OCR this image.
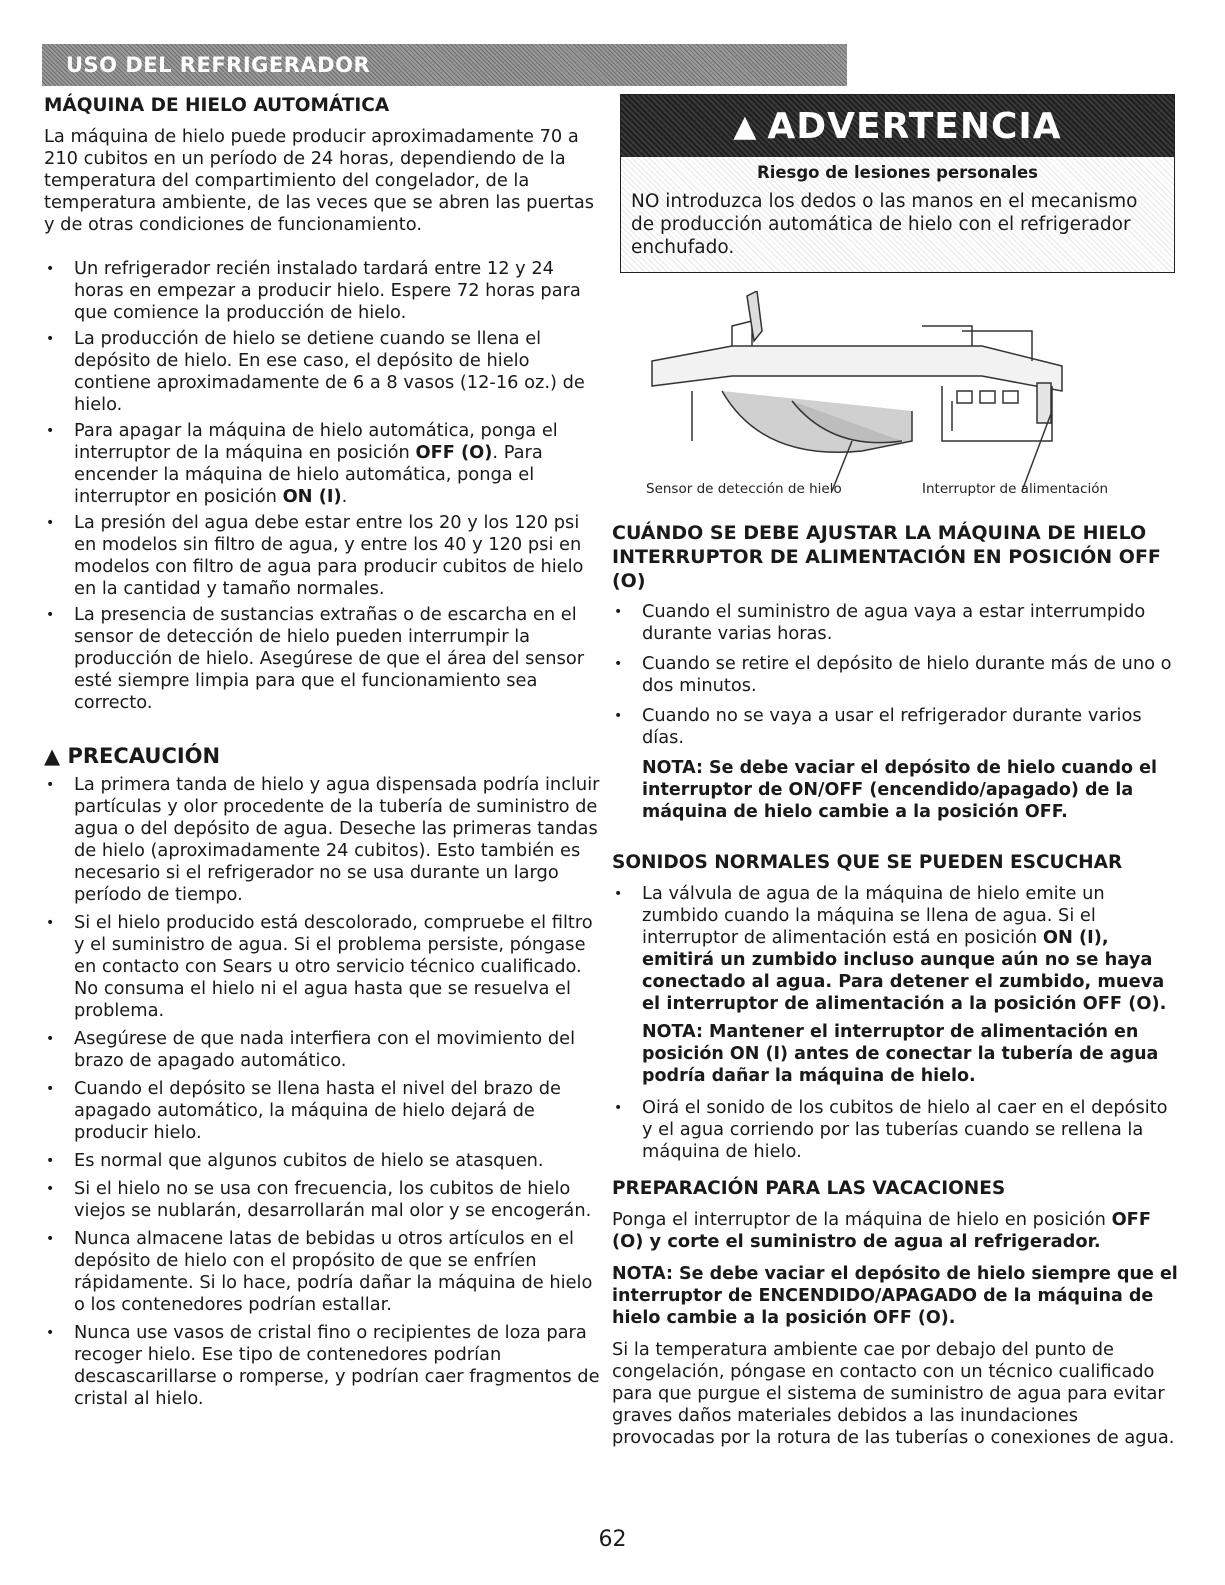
USO DEL REFRIGERADOR
MÁQUINA DE HIELO AUTOMÁTICA

La máquina de hielo puede producir aproximadamente 70 a 210 cubitos en un período de 24 horas, dependiendo de la temperatura del compartimiento del congelador, de la temperatura ambiente, de las veces que se abren las puertas y de otras condiciones de funcionamiento.

• Un refrigerador recién instalado tardará entre 12 y 24 horas en empezar a producir hielo. Espere 72 horas para que comience la producción de hielo.
• La producción de hielo se detiene cuando se llena el depósito de hielo. En ese caso, el depósito de hielo contiene aproximadamente de 6 a 8 vasos (12-16 oz.) de hielo.
• Para apagar la máquina de hielo automática, ponga el interruptor de la máquina en posición OFF (O). Para encender la máquina de hielo automática, ponga el interruptor en posición ON (I).
• La presión del agua debe estar entre los 20 y los 120 psi en modelos sin filtro de agua, y entre los 40 y 120 psi en modelos con filtro de agua para producir cubitos de hielo en la cantidad y tamaño normales.
• La presencia de sustancias extrañas o de escarcha en el sensor de detección de hielo pueden interrumpir la producción de hielo. Asegúrese de que el área del sensor esté siempre limpia para que el funcionamiento sea correcto.
▲ PRECAUCIÓN
• La primera tanda de hielo y agua dispensada podría incluir partículas y olor procedente de la tubería de suministro de agua o del depósito de agua. Deseche las primeras tandas de hielo (aproximadamente 24 cubitos). Esto también es necesario si el refrigerador no se usa durante un largo período de tiempo.
• Si el hielo producido está descolorado, compruebe el filtro y el suministro de agua. Si el problema persiste, póngase en contacto con Sears u otro servicio técnico cualificado. No consuma el hielo ni el agua hasta que se resuelva el problema.
• Asegúrese de que nada interfiera con el movimiento del brazo de apagado automático.
• Cuando el depósito se llena hasta el nivel del brazo de apagado automático, la máquina de hielo dejará de producir hielo.
• Es normal que algunos cubitos de hielo se atasquen.
• Si el hielo no se usa con frecuencia, los cubitos de hielo viejos se nublarán, desarrollarán mal olor y se encogerán.
• Nunca almacene latas de bebidas u otros artículos en el depósito de hielo con el propósito de que se enfríen rápidamente. Si lo hace, podría dañar la máquina de hielo o los contenedores podrían estallar.
• Nunca use vasos de cristal fino o recipientes de loza para recoger hielo. Ese tipo de contenedores podrían descascarillarse o romperse, y podrían caer fragmentos de cristal al hielo.
▲ ADVERTENCIA
Riesgo de lesiones personales
NO introduzca los dedos o las manos en el mecanismo de producción automática de hielo con el refrigerador enchufado.
Sensor de detección de hielo	Interruptor de alimentación
CUÁNDO SE DEBE AJUSTAR LA MÁQUINA DE HIELO INTERRUPTOR DE ALIMENTACIÓN EN POSICIÓN OFF (O)
• Cuando el suministro de agua vaya a estar interrumpido durante varias horas.
• Cuando se retire el depósito de hielo durante más de uno o dos minutos.
• Cuando no se vaya a usar el refrigerador durante varios días.

NOTA: Se debe vaciar el depósito de hielo cuando el interruptor de ON/OFF (encendido/apagado) de la máquina de hielo cambie a la posición OFF.

SONIDOS NORMALES QUE SE PUEDEN ESCUCHAR
• La válvula de agua de la máquina de hielo emite un zumbido cuando la máquina se llena de agua. Si el interruptor de alimentación está en posición ON (I), emitirá un zumbido incluso aunque aún no se haya conectado al agua. Para detener el zumbido, mueva el interruptor de alimentación a la posición OFF (O).

NOTA: Mantener el interruptor de alimentación en posición ON (I) antes de conectar la tubería de agua podría dañar la máquina de hielo.

• Oirá el sonido de los cubitos de hielo al caer en el depósito y el agua corriendo por las tuberías cuando se rellena la máquina de hielo.
PREPARACIÓN PARA LAS VACACIONES

Ponga el interruptor de la máquina de hielo en posición OFF (O) y corte el suministro de agua al refrigerador.

NOTA: Se debe vaciar el depósito de hielo siempre que el interruptor de ENCENDIDO/APAGADO de la máquina de hielo cambie a la posición OFF (O).

Si la temperatura ambiente cae por debajo del punto de congelación, póngase en contacto con un técnico cualificado para que purgue el sistema de suministro de agua para evitar graves daños materiales debidos a las inundaciones provocadas por la rotura de las tuberías o conexiones de agua.

62
